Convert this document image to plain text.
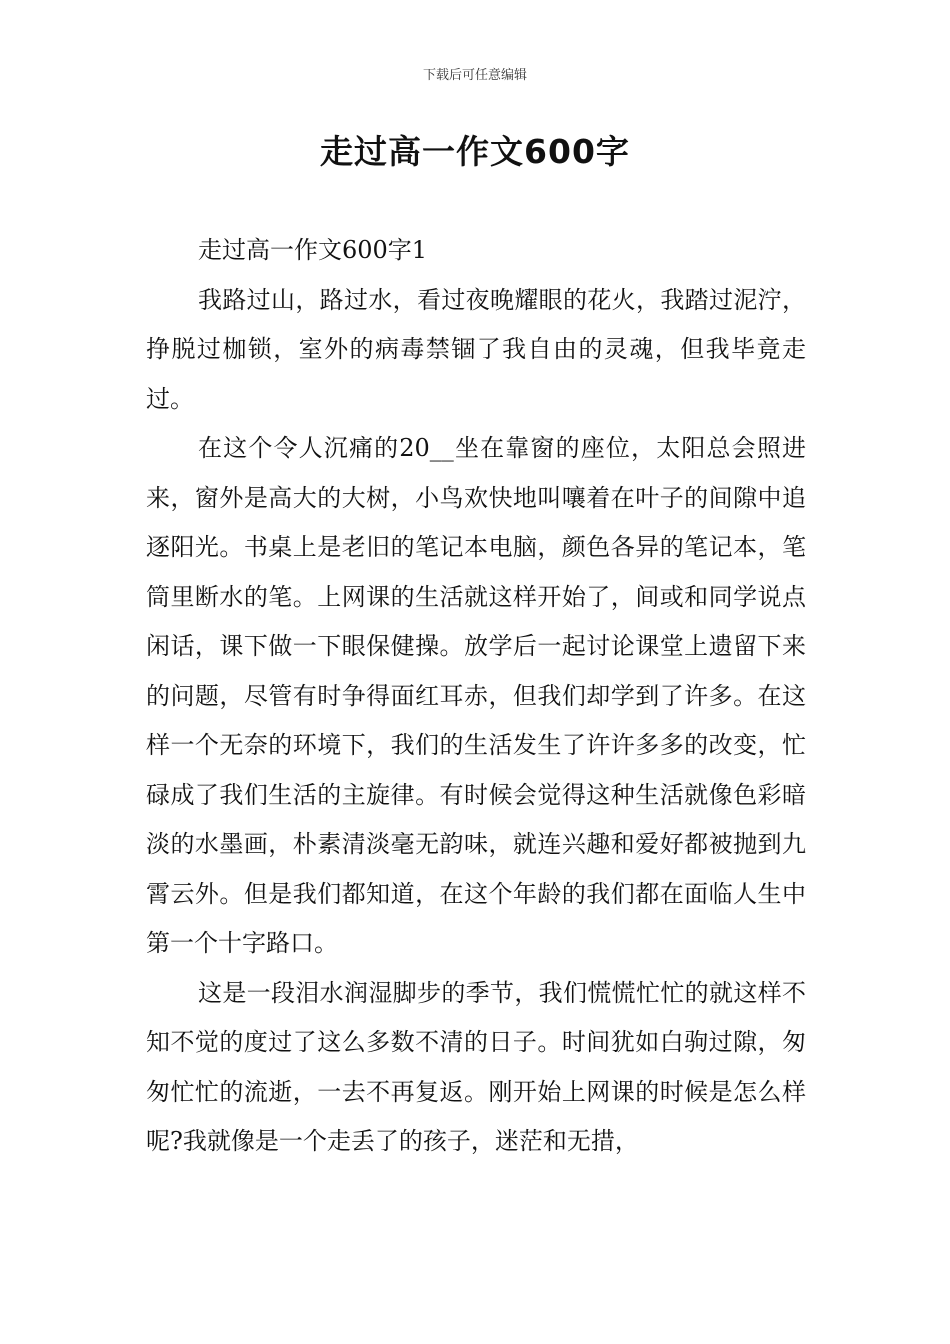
下载后可任意编辑
走过高一作文600字

走过高一作文600字1

我路过山，路过水，看过夜晚耀眼的花火，我踏过泥泞，挣脱过枷锁，室外的病毒禁锢了我自由的灵魂，但我毕竟走过。

在这个令人沉痛的20__坐在靠窗的座位，太阳总会照进来，窗外是高大的大树，小鸟欢快地叫嚷着在叶子的间隙中追逐阳光。书桌上是老旧的笔记本电脑，颜色各异的笔记本，笔筒里断水的笔。上网课的生活就这样开始了，间或和同学说点闲话，课下做一下眼保健操。放学后一起讨论课堂上遗留下来的问题，尽管有时争得面红耳赤，但我们却学到了许多。在这样一个无奈的环境下，我们的生活发生了许许多多的改变，忙碌成了我们生活的主旋律。有时候会觉得这种生活就像色彩暗淡的水墨画，朴素清淡毫无韵味，就连兴趣和爱好都被抛到九霄云外。但是我们都知道，在这个年龄的我们都在面临人生中第一个十字路口。

这是一段泪水润湿脚步的季节，我们慌慌忙忙的就这样不知不觉的度过了这么多数不清的日子。时间犹如白驹过隙，匆匆忙忙的流逝，一去不再复返。刚开始上网课的时候是怎么样呢?我就像是一个走丢了的孩子，迷茫和无措，
